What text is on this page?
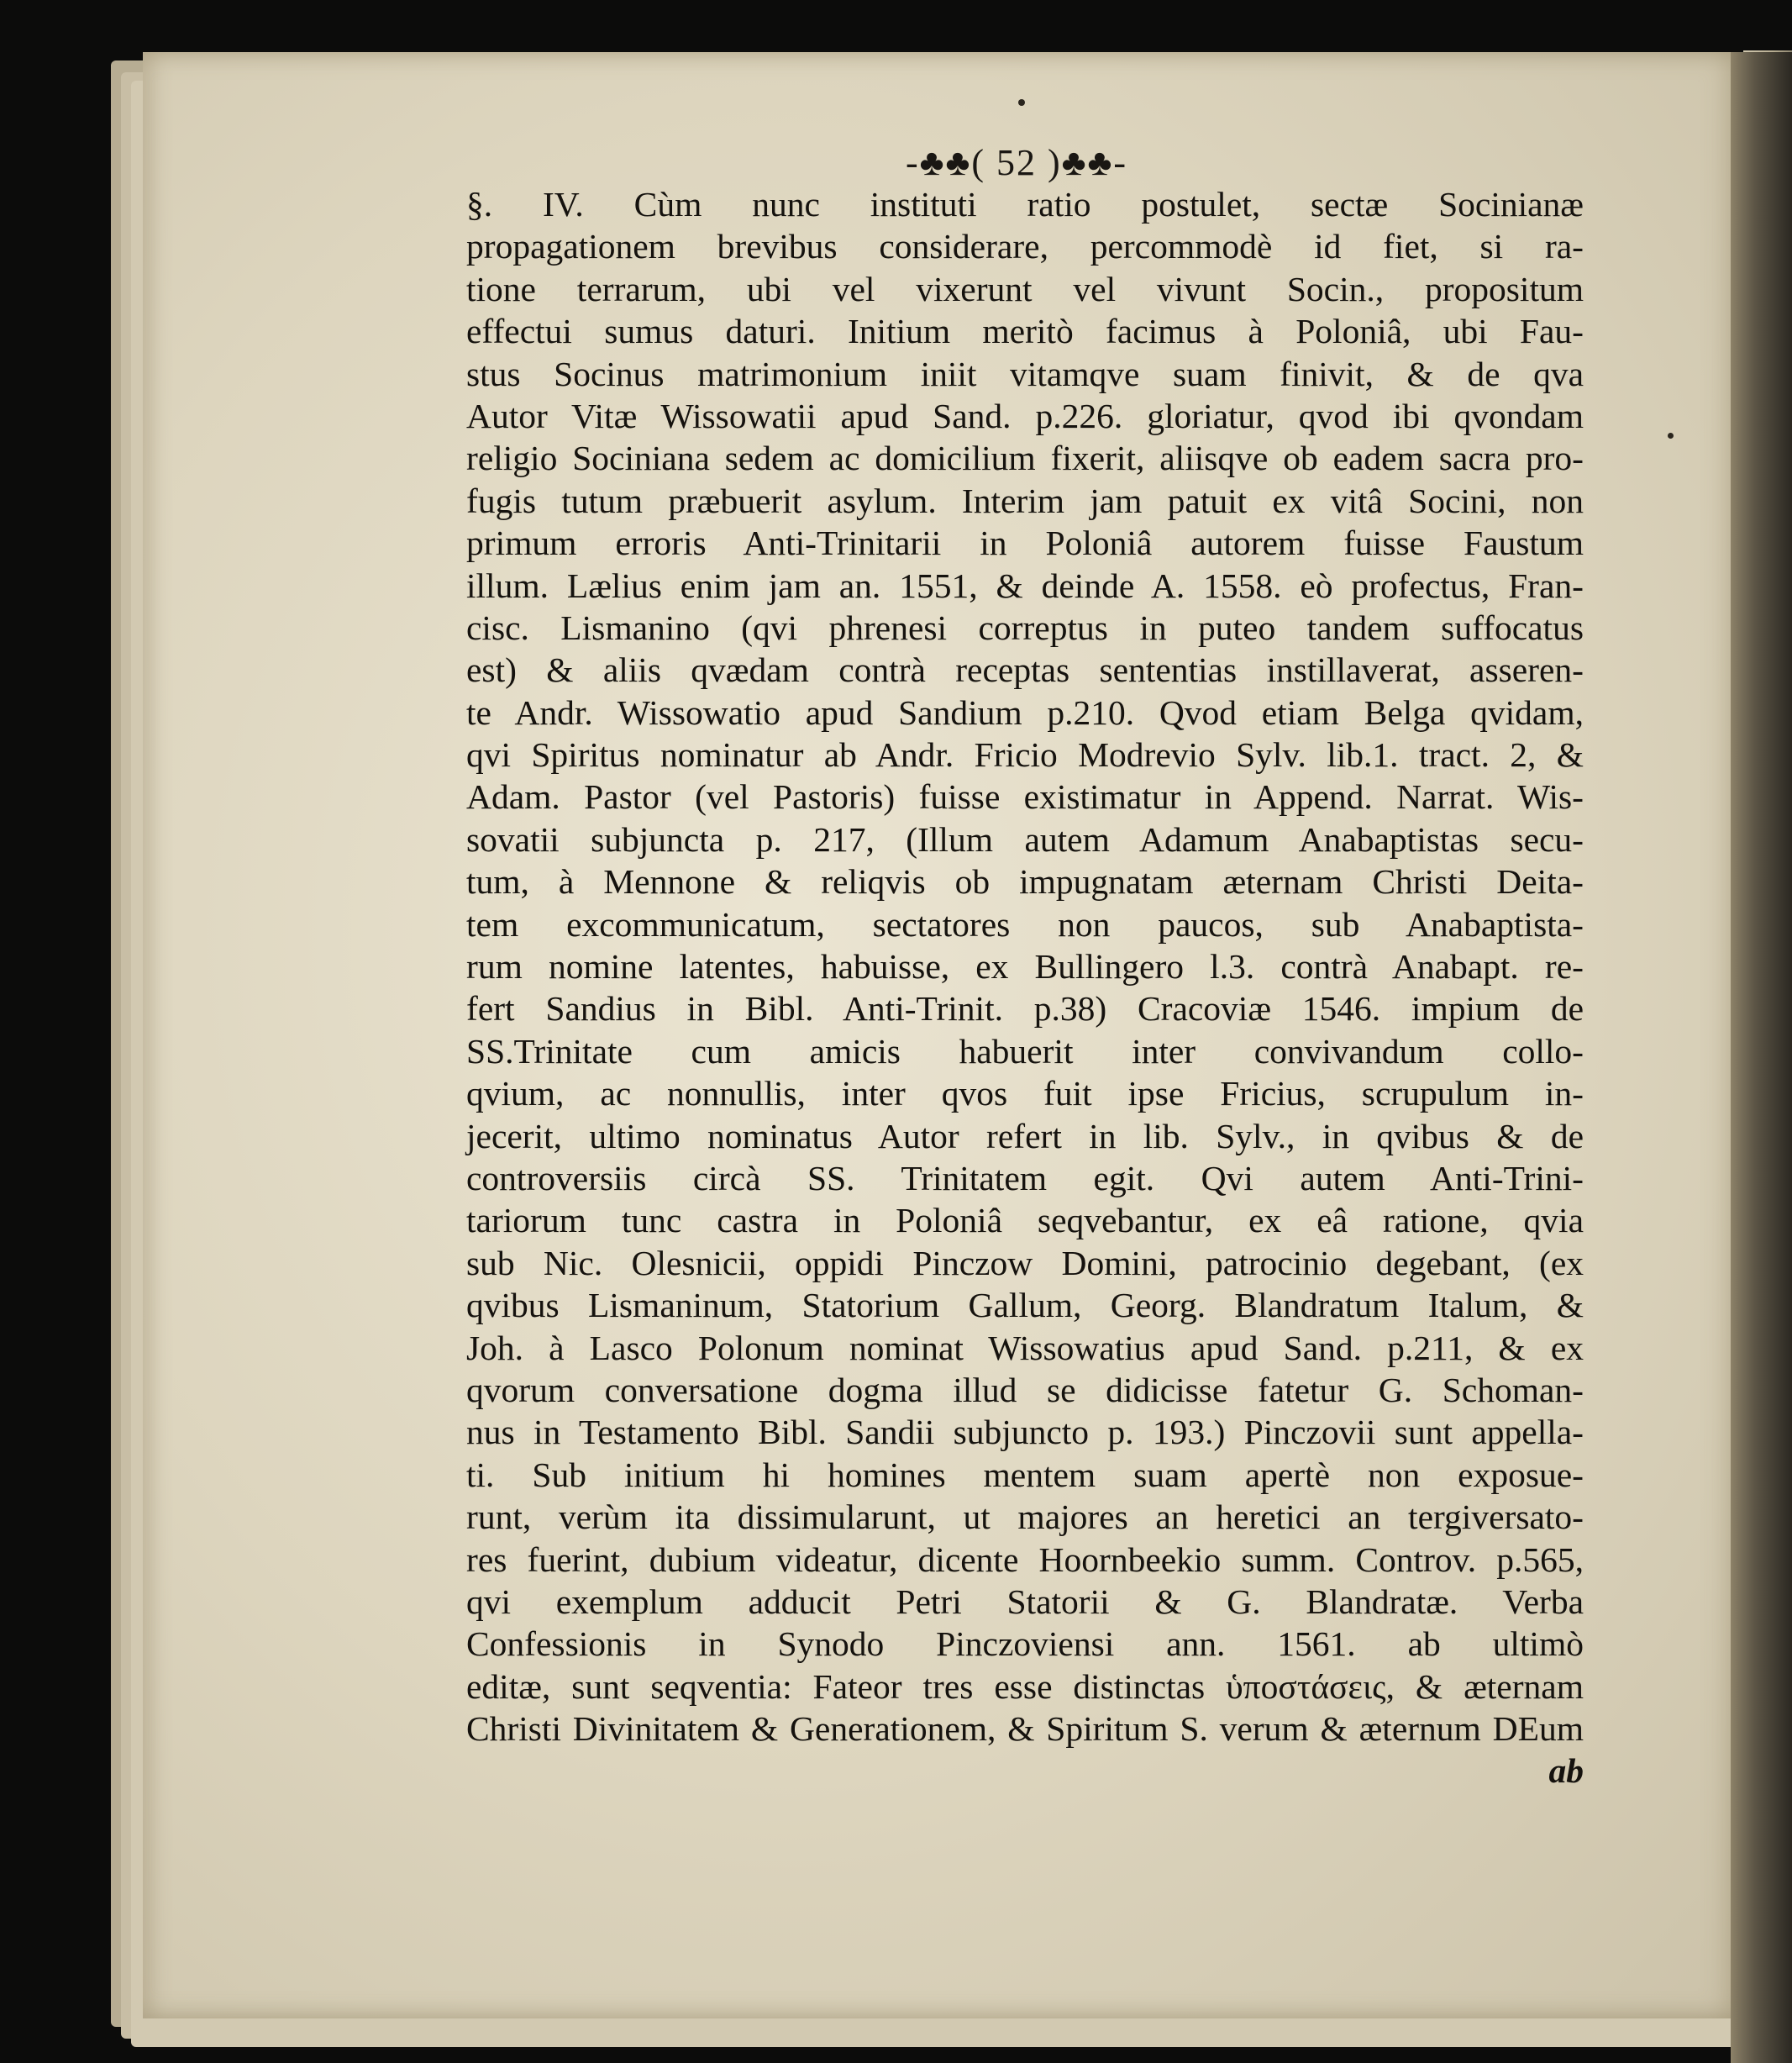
-♣♣( 52 )♣♣-
§. IV. Cùm nunc instituti ratio postulet, sectæ Socinianæ
propagationem brevibus considerare, percommodè id fiet, si ra-
tione terrarum, ubi vel vixerunt vel vivunt Socin., propositum
effectui sumus daturi. Initium meritò facimus à Poloniâ, ubi Fau-
stus Socinus matrimonium iniit vitamqve suam finivit, & de qva
Autor Vitæ Wissowatii apud Sand. p.226. gloriatur, qvod ibi qvondam
religio Sociniana sedem ac domicilium fixerit, aliisqve ob eadem sacra pro-
fugis tutum præbuerit asylum. Interim jam patuit ex vitâ Socini, non
primum erroris Anti-Trinitarii in Poloniâ autorem fuisse Faustum
illum. Lælius enim jam an. 1551, & deinde A. 1558. eò profectus, Fran-
cisc. Lismanino (qvi phrenesi correptus in puteo tandem suffocatus
est) & aliis qvædam contrà receptas sententias instillaverat, asseren-
te Andr. Wissowatio apud Sandium p.210. Qvod etiam Belga qvidam,
qvi Spiritus nominatur ab Andr. Fricio Modrevio Sylv. lib.1. tract. 2, &
Adam. Pastor (vel Pastoris) fuisse existimatur in Append. Narrat. Wis-
sovatii subjuncta p. 217, (Illum autem Adamum Anabaptistas secu-
tum, à Mennone & reliqvis ob impugnatam æternam Christi Deita-
tem excommunicatum, sectatores non paucos, sub Anabaptista-
rum nomine latentes, habuisse, ex Bullingero l.3. contrà Anabapt. re-
fert Sandius in Bibl. Anti-Trinit. p.38) Cracoviæ 1546. impium de
SS.Trinitate cum amicis habuerit inter convivandum collo-
qvium, ac nonnullis, inter qvos fuit ipse Fricius, scrupulum in-
jecerit, ultimo nominatus Autor refert in lib. Sylv., in qvibus & de
controversiis circà SS. Trinitatem egit. Qvi autem Anti-Trini-
tariorum tunc castra in Poloniâ seqvebantur, ex eâ ratione, qvia
sub Nic. Olesnicii, oppidi Pinczow Domini, patrocinio degebant, (ex
qvibus Lismaninum, Statorium Gallum, Georg. Blandratum Italum, &
Joh. à Lasco Polonum nominat Wissowatius apud Sand. p.211, & ex
qvorum conversatione dogma illud se didicisse fatetur G. Schoman-
nus in Testamento Bibl. Sandii subjuncto p. 193.) Pinczovii sunt appella-
ti. Sub initium hi homines mentem suam apertè non exposue-
runt, verùm ita dissimularunt, ut majores an heretici an tergiversato-
res fuerint, dubium videatur, dicente Hoornbeekio summ. Controv. p.565,
qvi exemplum adducit Petri Statorii & G. Blandratæ. Verba
Confessionis in Synodo Pinczoviensi ann. 1561. ab ultimò
editæ, sunt seqventia: Fateor tres esse distinctas ὑποστάσεις, & æternam
Christi Divinitatem & Generationem, & Spiritum S. verum & æternum DEum
ab
